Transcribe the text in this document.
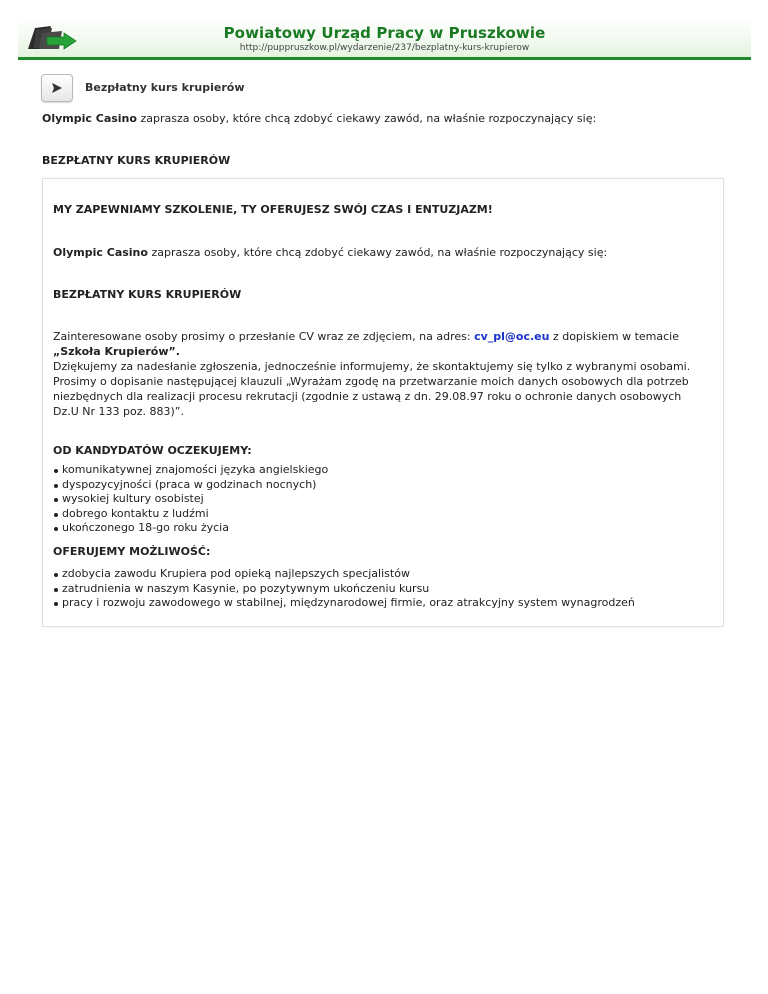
Powiatowy Urząd Pracy w Pruszkowie
http://puppruszkow.pl/wydarzenie/237/bezplatny-kurs-krupierow
Bezpłatny kurs krupierów
Olympic Casino zaprasza osoby, które chcą zdobyć ciekawy zawód, na właśnie rozpoczynający się:
BEZPŁATNY KURS KRUPIERÓW
MY ZAPEWNIAMY SZKOLENIE, TY OFERUJESZ SWÓJ CZAS I ENTUZJAZM!
Olympic Casino zaprasza osoby, które chcą zdobyć ciekawy zawód, na właśnie rozpoczynający się:
BEZPŁATNY KURS KRUPIERÓW
Zainteresowane osoby prosimy o przesłanie CV wraz ze zdjęciem, na adres: cv_pl@oc.eu z dopiskiem w temacie „Szkoła Krupierów”.
Dziękujemy za nadesłanie zgłoszenia, jednocześnie informujemy, że skontaktujemy się tylko z wybranymi osobami.
Prosimy o dopisanie następującej klauzuli „Wyrażam zgodę na przetwarzanie moich danych osobowych dla potrzeb niezbędnych dla realizacji procesu rekrutacji (zgodnie z ustawą z dn. 29.08.97 roku o ochronie danych osobowych Dz.U Nr 133 poz. 883)”.
OD KANDYDATÓW OCZEKUJEMY:
komunikatywnej znajomości języka angielskiego
dyspozycyjności (praca w godzinach nocnych)
wysokiej kultury osobistej
dobrego kontaktu z ludźmi
ukończonego 18-go roku życia
OFERUJEMY MOŻLIWOŚĆ:
zdobycia zawodu Krupiera pod opieką najlepszych specjalistów
zatrudnienia w naszym Kasynie, po pozytywnym ukończeniu kursu
pracy i rozwoju zawodowego w stabilnej, międzynarodowej firmie, oraz atrakcyjny system wynagrodzeń
